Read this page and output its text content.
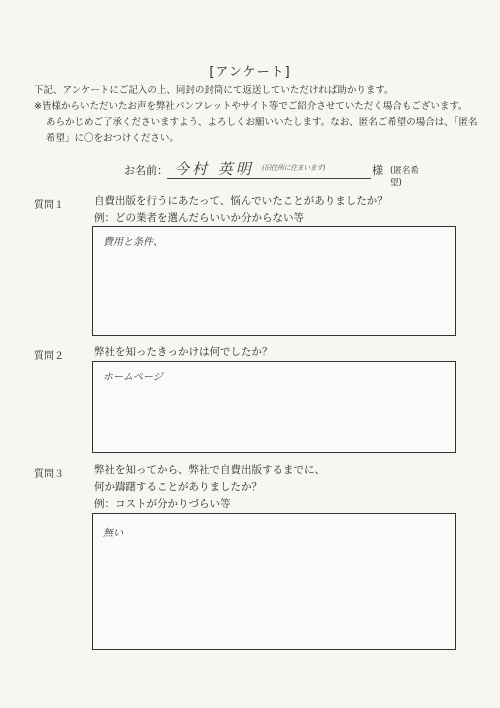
[アンケート]
下記、アンケートにご記入の上、同封の封筒にて返送していただければ助かります。
※皆様からいただいたお声を弊社パンフレットやサイト等でご紹介させていただく場合もございます。
あらかじめご了承くださいますよう、よろしくお願いいたします。なお、匿名ご希望の場合は、「匿名
希望」に〇をおつけください。
お名前： 今村 英明 (旧住所に住まいます)	様 (匿名希望)
質問１	自費出版を行うにあたって、悩んでいたことがありましたか？
例：どの業者を選んだらいいか分からない等
費用と条件、
質問２	弊社を知ったきっかけは何でしたか？
ホームページ
質問３	弊社を知ってから、弊社で自費出版するまでに、
何か躊躇することがありましたか？
例：コストが分かりづらい等
無い
